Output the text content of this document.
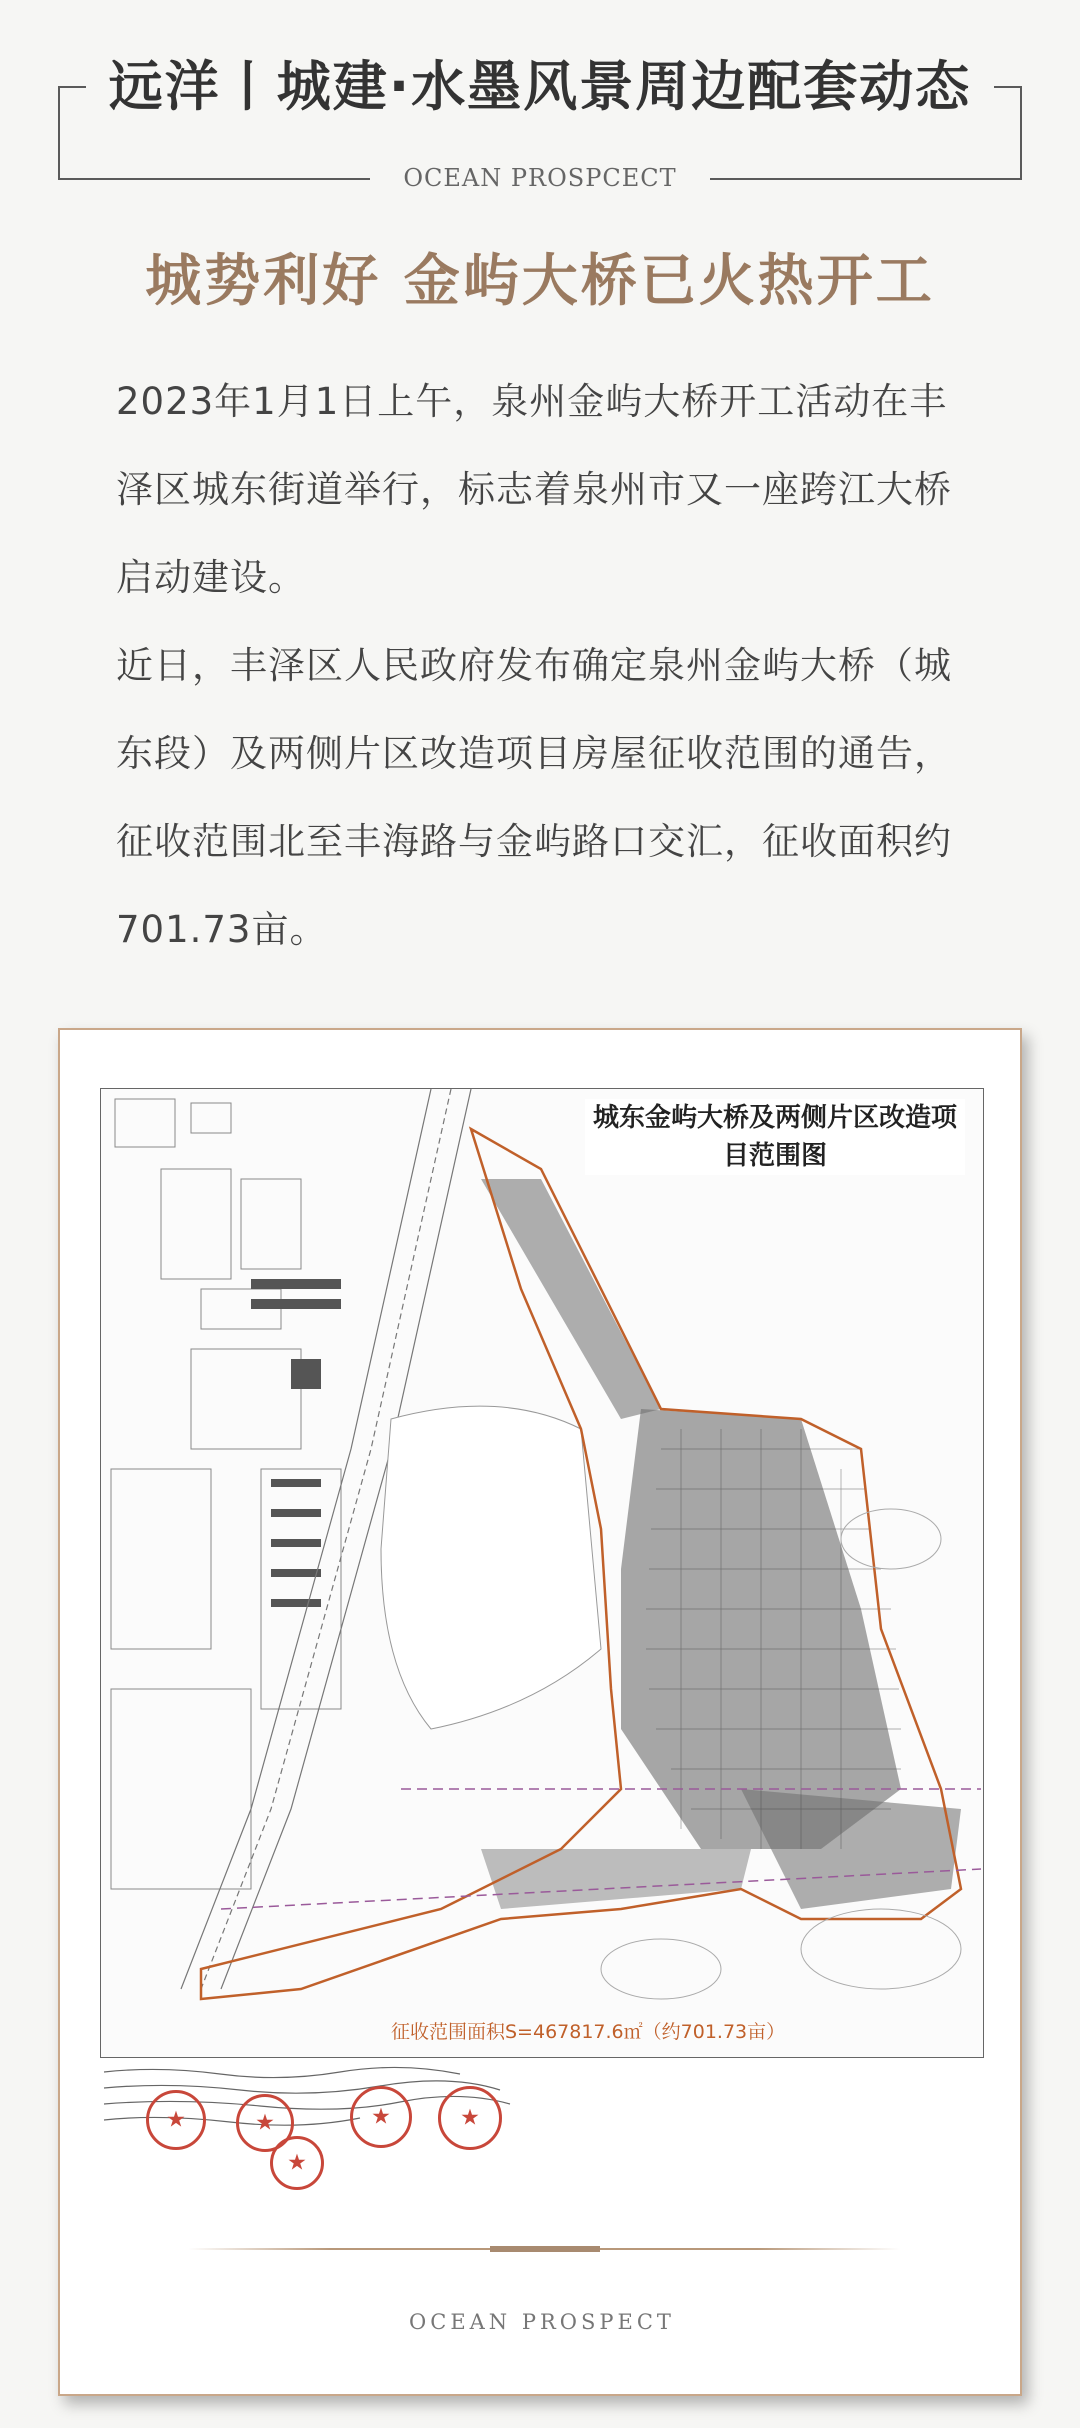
远洋丨城建·水墨风景周边配套动态
OCEAN PROSPCECT
城势利好 金屿大桥已火热开工

2023年1月1日上午，泉州金屿大桥开工活动在丰泽区城东街道举行，标志着泉州市又一座跨江大桥启动建设。

近日，丰泽区人民政府发布确定泉州金屿大桥（城东段）及两侧片区改造项目房屋征收范围的通告，征收范围北至丰海路与金屿路口交汇，征收面积约701.73亩。

城东金屿大桥及两侧片区改造项目范围图
征收范围面积S=467817.6㎡（约701.73亩）
★	★	★	★
★
OCEAN PROSPECT
